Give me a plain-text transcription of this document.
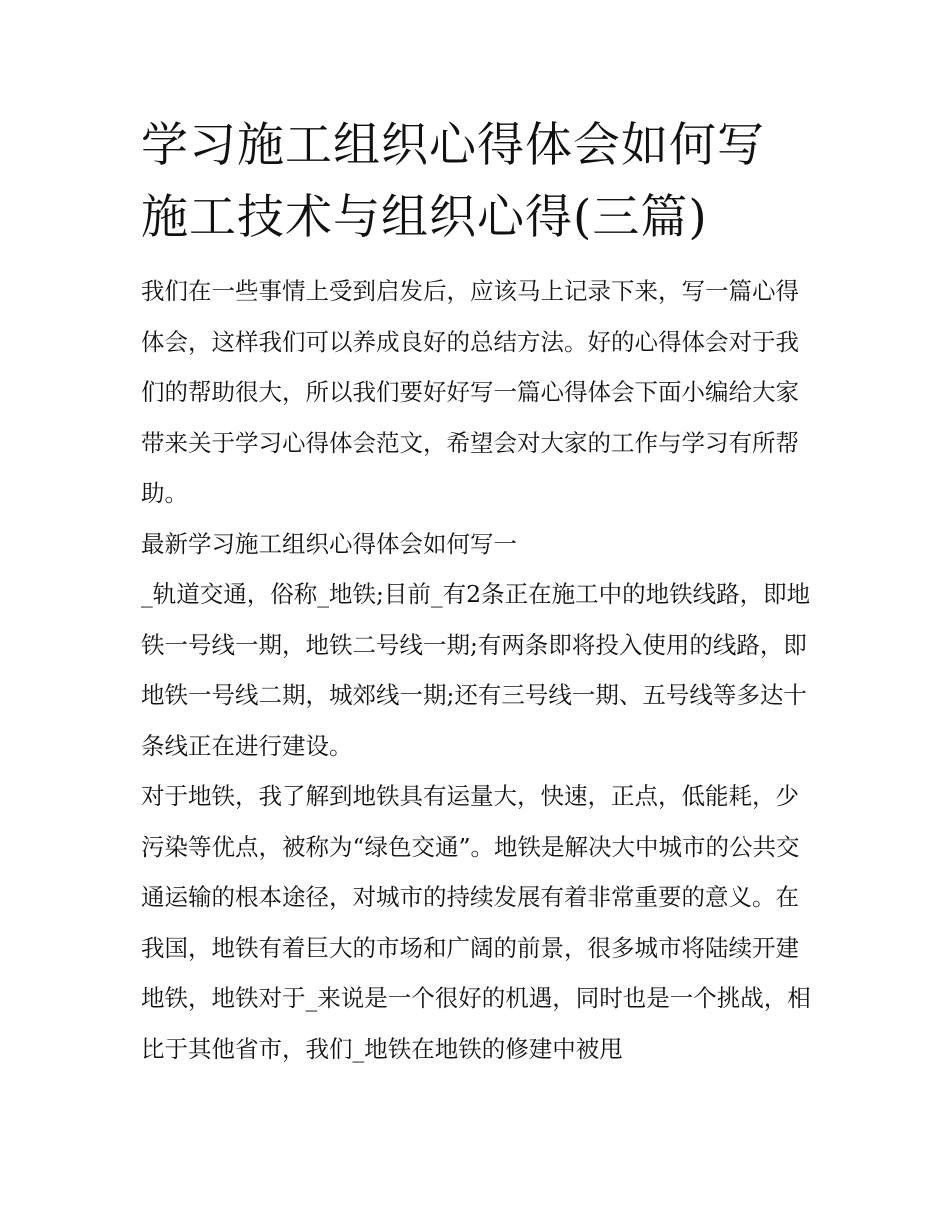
学习施工组织心得体会如何写
施工技术与组织心得(三篇)

我们在一些事情上受到启发后，应该马上记录下来，写一篇心得体会，这样我们可以养成良好的总结方法。好的心得体会对于我们的帮助很大，所以我们要好好写一篇心得体会下面小编给大家带来关于学习心得体会范文，希望会对大家的工作与学习有所帮助。

最新学习施工组织心得体会如何写一

_轨道交通，俗称_地铁;目前_有2条正在施工中的地铁线路，即地铁一号线一期，地铁二号线一期;有两条即将投入使用的线路，即地铁一号线二期，城郊线一期;还有三号线一期、五号线等多达十条线正在进行建设。

对于地铁，我了解到地铁具有运量大，快速，正点，低能耗，少污染等优点，被称为“绿色交通”。地铁是解决大中城市的公共交通运输的根本途径，对城市的持续发展有着非常重要的意义。在我国，地铁有着巨大的市场和广阔的前景，很多城市将陆续开建地铁，地铁对于_来说是一个很好的机遇，同时也是一个挑战，相比于其他省市，我们_地铁在地铁的修建中被甩
